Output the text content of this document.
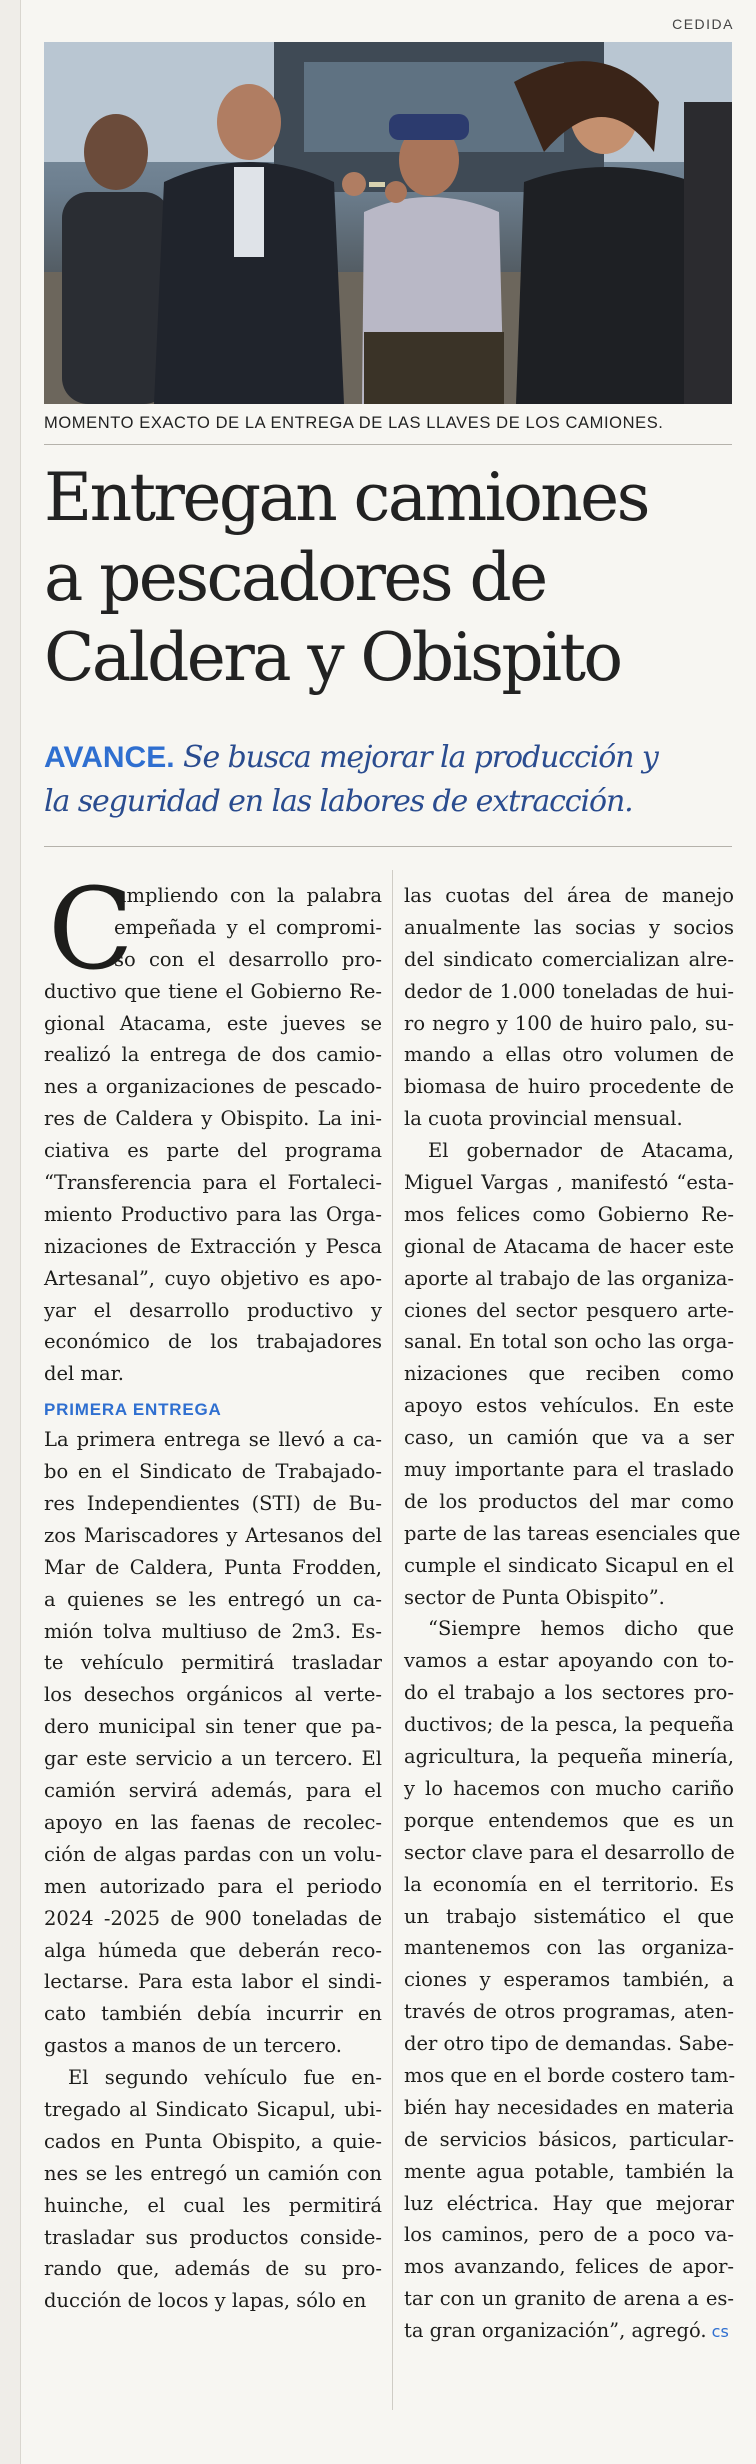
CEDIDA
MOMENTO EXACTO DE LA ENTREGA DE LAS LLAVES DE LOS CAMIONES.
Entregan camiones
a pescadores de
Caldera y Obispito
AVANCE. Se busca mejorar la producción y
la seguridad en las labores de extracción.
C
umpliendo con la palabra
empeñada y el compromi-
so con el desarrollo pro-
ductivo que tiene el Gobierno Re-
gional Atacama, este jueves se
realizó la entrega de dos camio-
nes a organizaciones de pescado-
res de Caldera y Obispito. La ini-
ciativa es parte del programa
“Transferencia para el Fortaleci-
miento Productivo para las Orga-
nizaciones de Extracción y Pesca
Artesanal”, cuyo objetivo es apo-
yar el desarrollo productivo y
económico de los trabajadores
del mar.
PRIMERA ENTREGA
La primera entrega se llevó a ca-
bo en el Sindicato de Trabajado-
res Independientes (STI) de Bu-
zos Mariscadores y Artesanos del
Mar de Caldera, Punta Frodden,
a quienes se les entregó un ca-
mión tolva multiuso de 2m3. Es-
te vehículo permitirá trasladar
los desechos orgánicos al verte-
dero municipal sin tener que pa-
gar este servicio a un tercero. El
camión servirá además, para el
apoyo en las faenas de recolec-
ción de algas pardas con un volu-
men autorizado para el periodo
2024 -2025 de 900 toneladas de
alga húmeda que deberán reco-
lectarse. Para esta labor el sindi-
cato también debía incurrir en
gastos a manos de un tercero.
El segundo vehículo fue en-
tregado al Sindicato Sicapul, ubi-
cados en Punta Obispito, a quie-
nes se les entregó un camión con
huinche, el cual les permitirá
trasladar sus productos conside-
rando que, además de su pro-
ducción de locos y lapas, sólo en
las cuotas del área de manejo
anualmente las socias y socios
del sindicato comercializan alre-
dedor de 1.000 toneladas de hui-
ro negro y 100 de huiro palo, su-
mando a ellas otro volumen de
biomasa de huiro procedente de
la cuota provincial mensual.
El gobernador de Atacama,
Miguel Vargas , manifestó “esta-
mos felices como Gobierno Re-
gional de Atacama de hacer este
aporte al trabajo de las organiza-
ciones del sector pesquero arte-
sanal. En total son ocho las orga-
nizaciones que reciben como
apoyo estos vehículos. En este
caso, un camión que va a ser
muy importante para el traslado
de los productos del mar como
parte de las tareas esenciales que
cumple el sindicato Sicapul en el
sector de Punta Obispito”.
“Siempre hemos dicho que
vamos a estar apoyando con to-
do el trabajo a los sectores pro-
ductivos; de la pesca, la pequeña
agricultura, la pequeña minería,
y lo hacemos con mucho cariño
porque entendemos que es un
sector clave para el desarrollo de
la economía en el territorio. Es
un trabajo sistemático el que
mantenemos con las organiza-
ciones y esperamos también, a
través de otros programas, aten-
der otro tipo de demandas. Sabe-
mos que en el borde costero tam-
bién hay necesidades en materia
de servicios básicos, particular-
mente agua potable, también la
luz eléctrica. Hay que mejorar
los caminos, pero de a poco va-
mos avanzando, felices de apor-
tar con un granito de arena a es-
ta gran organización”, agregó. cs
